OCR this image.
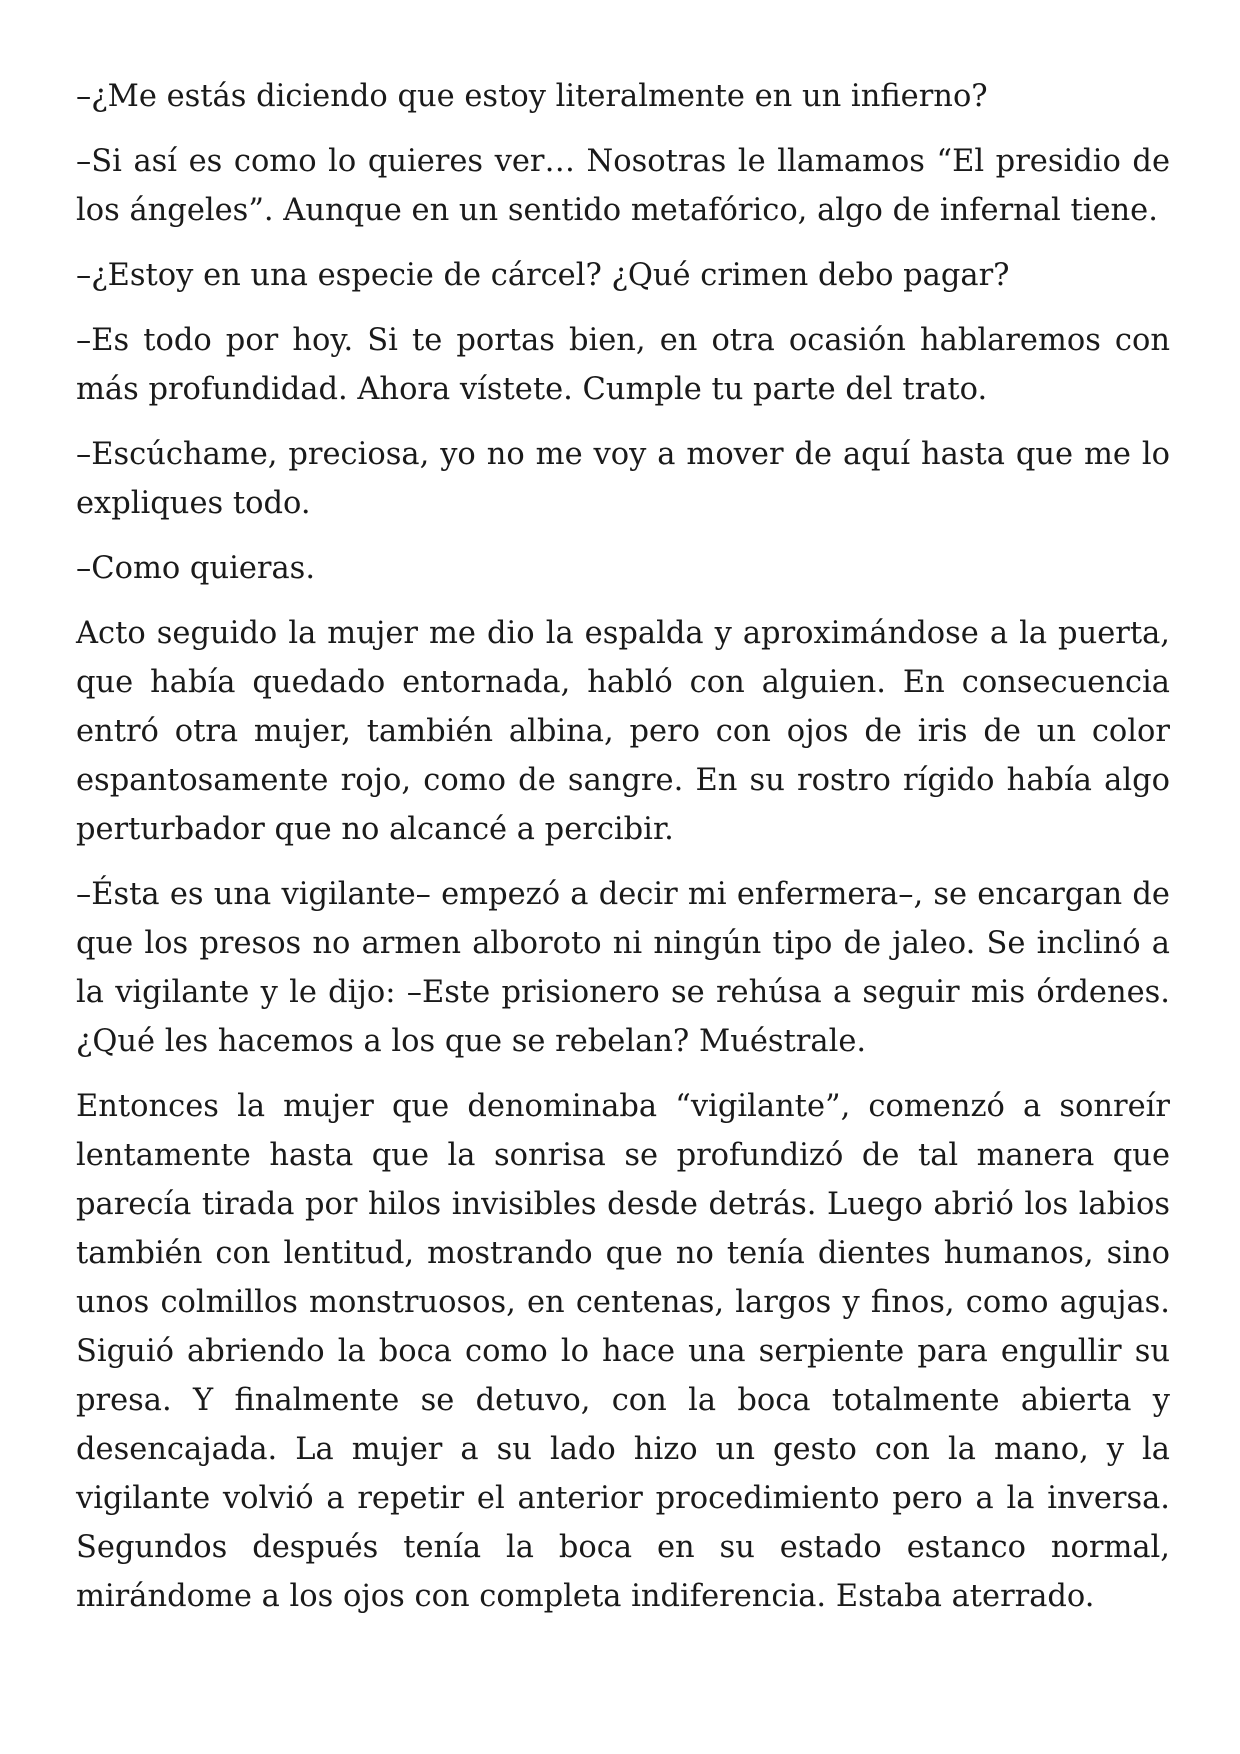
–¿Me estás diciendo que estoy literalmente en un infierno?

–Si así es como lo quieres ver… Nosotras le llamamos “El presidio de los ángeles”. Aunque en un sentido metafórico, algo de infernal tiene.

–¿Estoy en una especie de cárcel? ¿Qué crimen debo pagar?

–Es todo por hoy. Si te portas bien, en otra ocasión hablaremos con más profundidad. Ahora vístete. Cumple tu parte del trato.

–Escúchame, preciosa, yo no me voy a mover de aquí hasta que me lo expliques todo.

–Como quieras.

Acto seguido la mujer me dio la espalda y aproximándose a la puerta, que había quedado entornada, habló con alguien. En consecuencia entró otra mujer, también albina, pero con ojos de iris de un color espantosamente rojo, como de sangre. En su rostro rígido había algo perturbador que no alcancé a percibir.

–Ésta es una vigilante– empezó a decir mi enfermera–, se encargan de que los presos no armen alboroto ni ningún tipo de jaleo. Se inclinó a la vigilante y le dijo: –Este prisionero se rehúsa a seguir mis órdenes. ¿Qué les hacemos a los que se rebelan? Muéstrale.

Entonces la mujer que denominaba “vigilante”, comenzó a sonreír lentamente hasta que la sonrisa se profundizó de tal manera que parecía tirada por hilos invisibles desde detrás. Luego abrió los labios también con lentitud, mostrando que no tenía dientes humanos, sino unos colmillos monstruosos, en centenas, largos y finos, como agujas. Siguió abriendo la boca como lo hace una serpiente para engullir su presa. Y finalmente se detuvo, con la boca totalmente abierta y desencajada. La mujer a su lado hizo un gesto con la mano, y la vigilante volvió a repetir el anterior procedimiento pero a la inversa. Segundos después tenía la boca en su estado estanco normal, mirándome a los ojos con completa indiferencia. Estaba aterrado.
